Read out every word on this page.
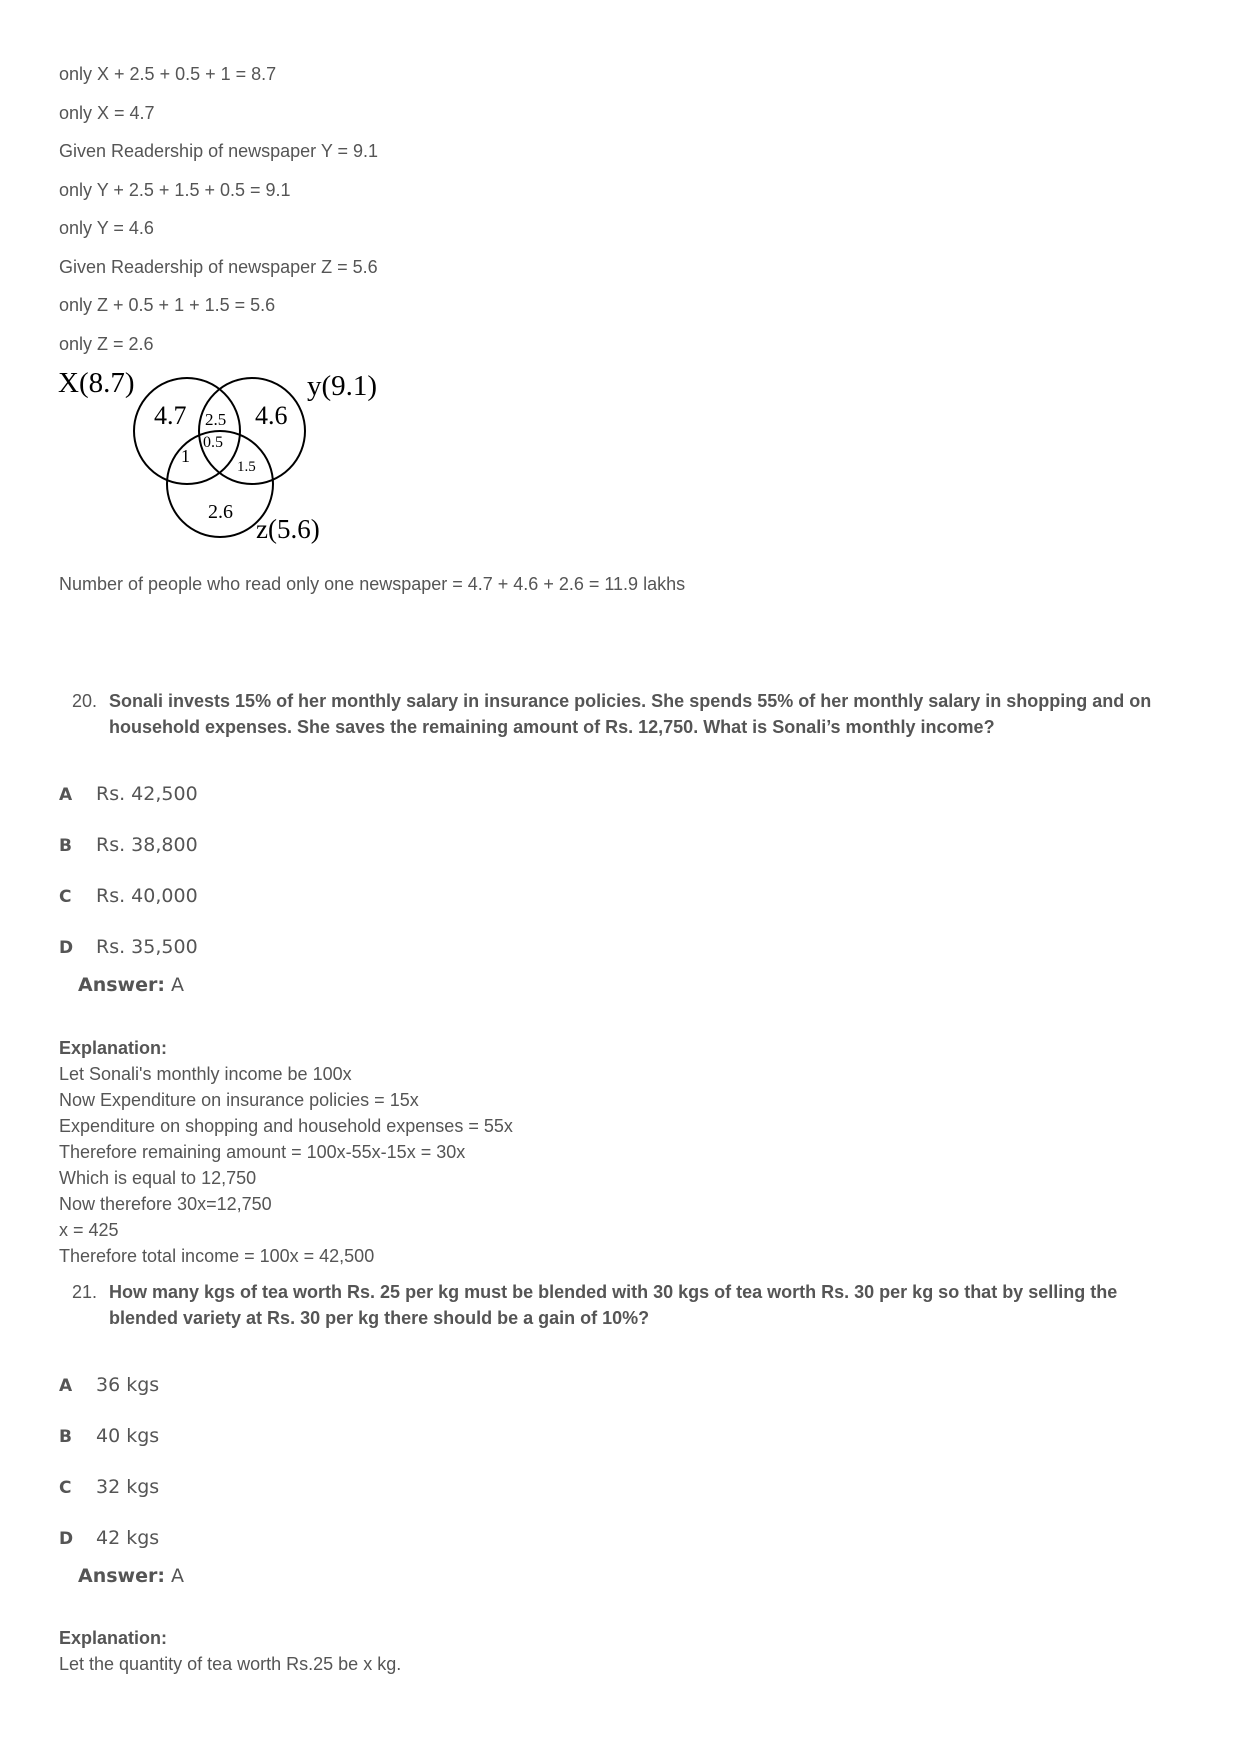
only X + 2.5 + 0.5 + 1 = 8.7
only X = 4.7
Given Readership of newspaper Y = 9.1
only Y + 2.5 + 1.5 + 0.5 = 9.1
only Y = 4.6
Given Readership of newspaper Z = 5.6
only Z + 0.5 + 1 + 1.5 = 5.6
only Z = 2.6
X(8.7)	y(9.1)
z(5.6)
4.7	4.6
2.6
2.5
0.5
1
1.5
Number of people who read only one newspaper = 4.7 + 4.6 + 2.6 = 11.9 lakhs
20. Sonali invests 15% of her monthly salary in insurance policies. She spends 55% of her monthly salary in shopping and on household expenses. She saves the remaining amount of Rs. 12,750. What is Sonali’s monthly income?
A Rs. 42,500
B Rs. 38,800
C Rs. 40,000
D Rs. 35,500
Answer: A
Explanation:
Let Sonali's monthly income be 100x
Now Expenditure on insurance policies = 15x
Expenditure on shopping and household expenses = 55x
Therefore remaining amount = 100x-55x-15x = 30x
Which is equal to 12,750
Now therefore 30x=12,750
x = 425
Therefore total income = 100x = 42,500
21. How many kgs of tea worth Rs. 25 per kg must be blended with 30 kgs of tea worth Rs. 30 per kg so that by selling the blended variety at Rs. 30 per kg there should be a gain of 10%?
A 36 kgs
B 40 kgs
C 32 kgs
D 42 kgs
Answer: A
Explanation:
Let the quantity of tea worth Rs.25 be x kg.
